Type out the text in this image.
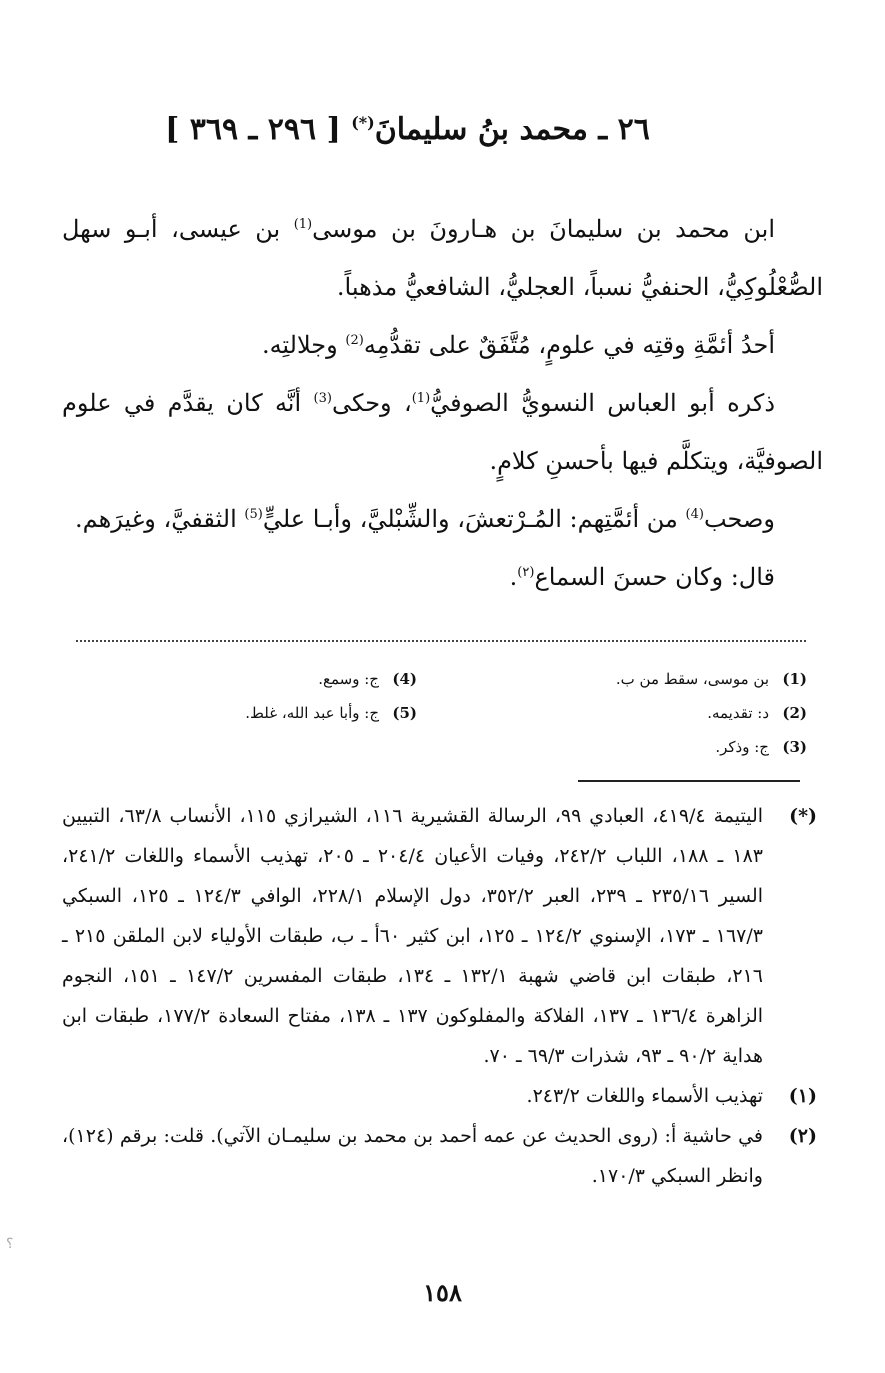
٢٦ ـ محمد بنُ سليمانَ(*) [ ٢٩٦ ـ ٣٦٩ ]

ابن محمد بن سليمانَ بن هـارونَ بن موسى$^{(1)}$ بن عيسى، أبـو سهل الصُّعْلُوكِيُّ، الحنفيُّ نسباً، العجليُّ، الشافعيُّ مذهباً.

أحدُ أئمَّةِ وقتِه في علومٍ، مُتَّفَقٌ على تقدُّمِه$^{(2)}$ وجلالتِه.

ذكره أبو العباس النسويُّ الصوفيُّ$^{(1)}$، وحكى$^{(3)}$ أنَّه كان يقدَّم في علوم الصوفيَّة، ويتكلَّم فيها بأحسنِ كلامٍ.

وصحب$^{(4)}$ من أئمَّتِهم: المُـرْتعشَ، والشِّبْليَّ، وأبـا عليٍّ$^{(5)}$ الثقفيَّ، وغيرَهم.

قال: وكان حسنَ السماع$^{(٢)}$.

(1)بن موسى، سقط من ب.
(2)د: تقديمه.
(3)ج: وذكر.
(4)ج: وسمع.
(5)ج: وأبا عبد الله، غلط.
(*)
اليتيمة ٤١٩/٤، العبادي ٩٩، الرسالة القشيرية ١١٦، الشيرازي ١١٥، الأنساب ٦٣/٨، التبيين ١٨٣ ـ ١٨٨، اللباب ٢٤٢/٢، وفيات الأعيان ٢٠٤/٤ ـ ٢٠٥، تهذيب الأسماء واللغات ٢٤١/٢، السير ٢٣٥/١٦ ـ ٢٣٩، العبر ٣٥٢/٢، دول الإسلام ٢٢٨/١، الوافي ١٢٤/٣ ـ ١٢٥، السبكي ١٦٧/٣ ـ ١٧٣، الإسنوي ١٢٤/٢ ـ ١٢٥، ابن كثير ٦٠أ ـ ب، طبقات الأولياء لابن الملقن ٢١٥ ـ ٢١٦، طبقات ابن قاضي شهبة ١٣٢/١ ـ ١٣٤، طبقات المفسرين ١٤٧/٢ ـ ١٥١، النجوم الزاهرة ١٣٦/٤ ـ ١٣٧، الفلاكة والمفلوكون ١٣٧ ـ ١٣٨، مفتاح السعادة ١٧٧/٢، طبقات ابن هداية ٩٠/٢ ـ ٩٣، شذرات ٦٩/٣ ـ ٧٠.
(١)
تهذيب الأسماء واللغات ٢٤٣/٢.
(٢)
في حاشية أ: (روى الحديث عن عمه أحمد بن محمد بن سليمـان الآتي). قلت: برقم (١٢٤)، وانظر السبكي ١٧٠/٣.
١٥٨
؟
